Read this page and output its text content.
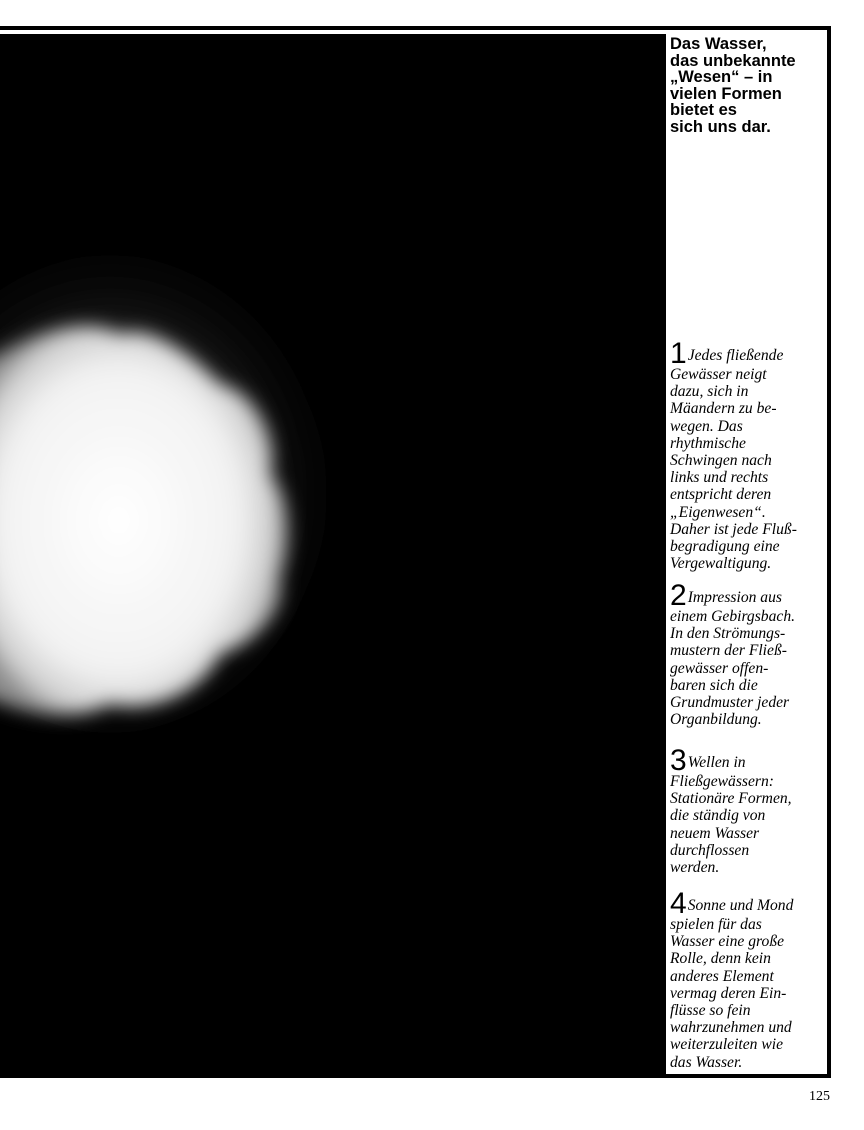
Das Wasser,
das unbekannte
„Wesen“ – in
vielen Formen
bietet es
sich uns dar.
1Jedes fließende
Gewässer neigt
dazu, sich in
Mäandern zu be-
wegen. Das
rhythmische
Schwingen nach
links und rechts
entspricht deren
„Eigenwesen“.
Daher ist jede Fluß-
begradigung eine
Vergewaltigung.
2Impression aus
einem Gebirgsbach.
In den Strömungs-
mustern der Fließ-
gewässer offen-
baren sich die
Grundmuster jeder
Organbildung.
3Wellen in
Fließgewässern:
Stationäre Formen,
die ständig von
neuem Wasser
durchflossen
werden.
4Sonne und Mond
spielen für das
Wasser eine große
Rolle, denn kein
anderes Element
vermag deren Ein-
flüsse so fein
wahrzunehmen und
weiterzuleiten wie
das Wasser.
125
